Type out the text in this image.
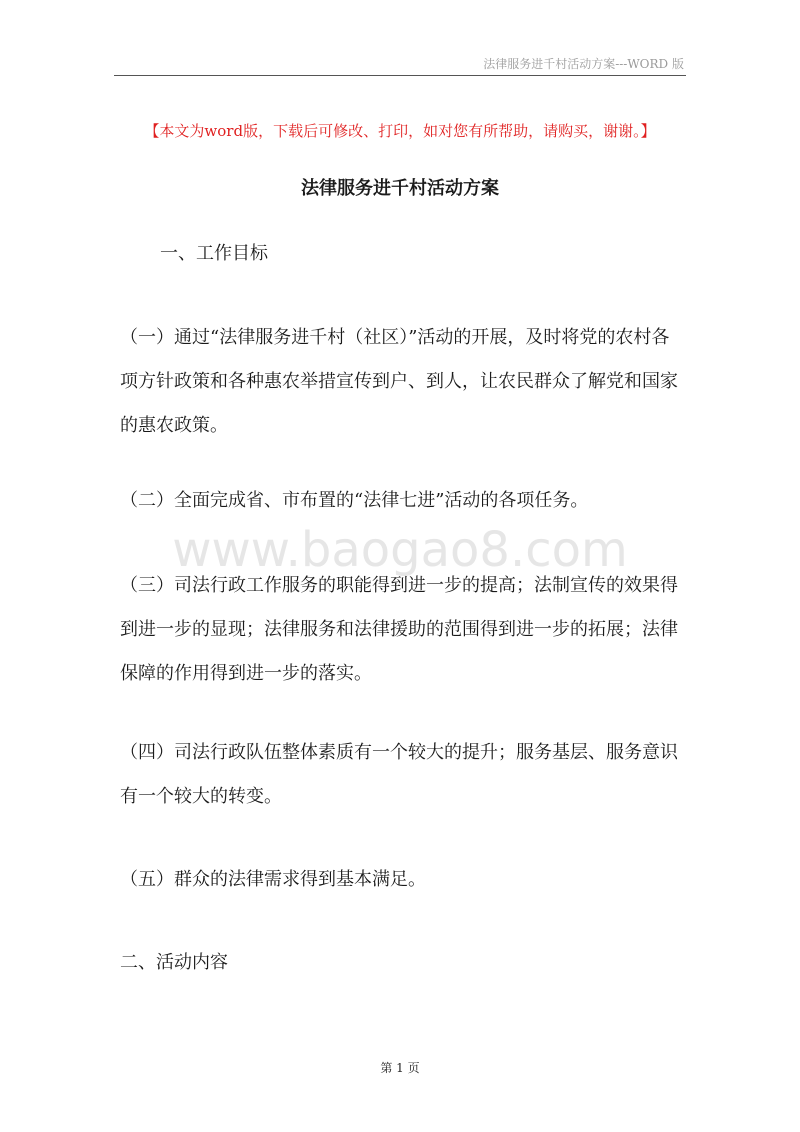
法律服务进千村活动方案---WORD 版
【本文为word版，下载后可修改、打印，如对您有所帮助，请购买，谢谢。】
法律服务进千村活动方案
一、工作目标
（一）通过“法律服务进千村（社区）”活动的开展，及时将党的农村各项方针政策和各种惠农举措宣传到户、到人，让农民群众了解党和国家的惠农政策。
（二）全面完成省、市布置的“法律七进”活动的各项任务。
www.baogao8.com
（三）司法行政工作服务的职能得到进一步的提高；法制宣传的效果得到进一步的显现；法律服务和法律援助的范围得到进一步的拓展；法律保障的作用得到进一步的落实。
（四）司法行政队伍整体素质有一个较大的提升；服务基层、服务意识有一个较大的转变。
（五）群众的法律需求得到基本满足。
二、活动内容
第 1 页
